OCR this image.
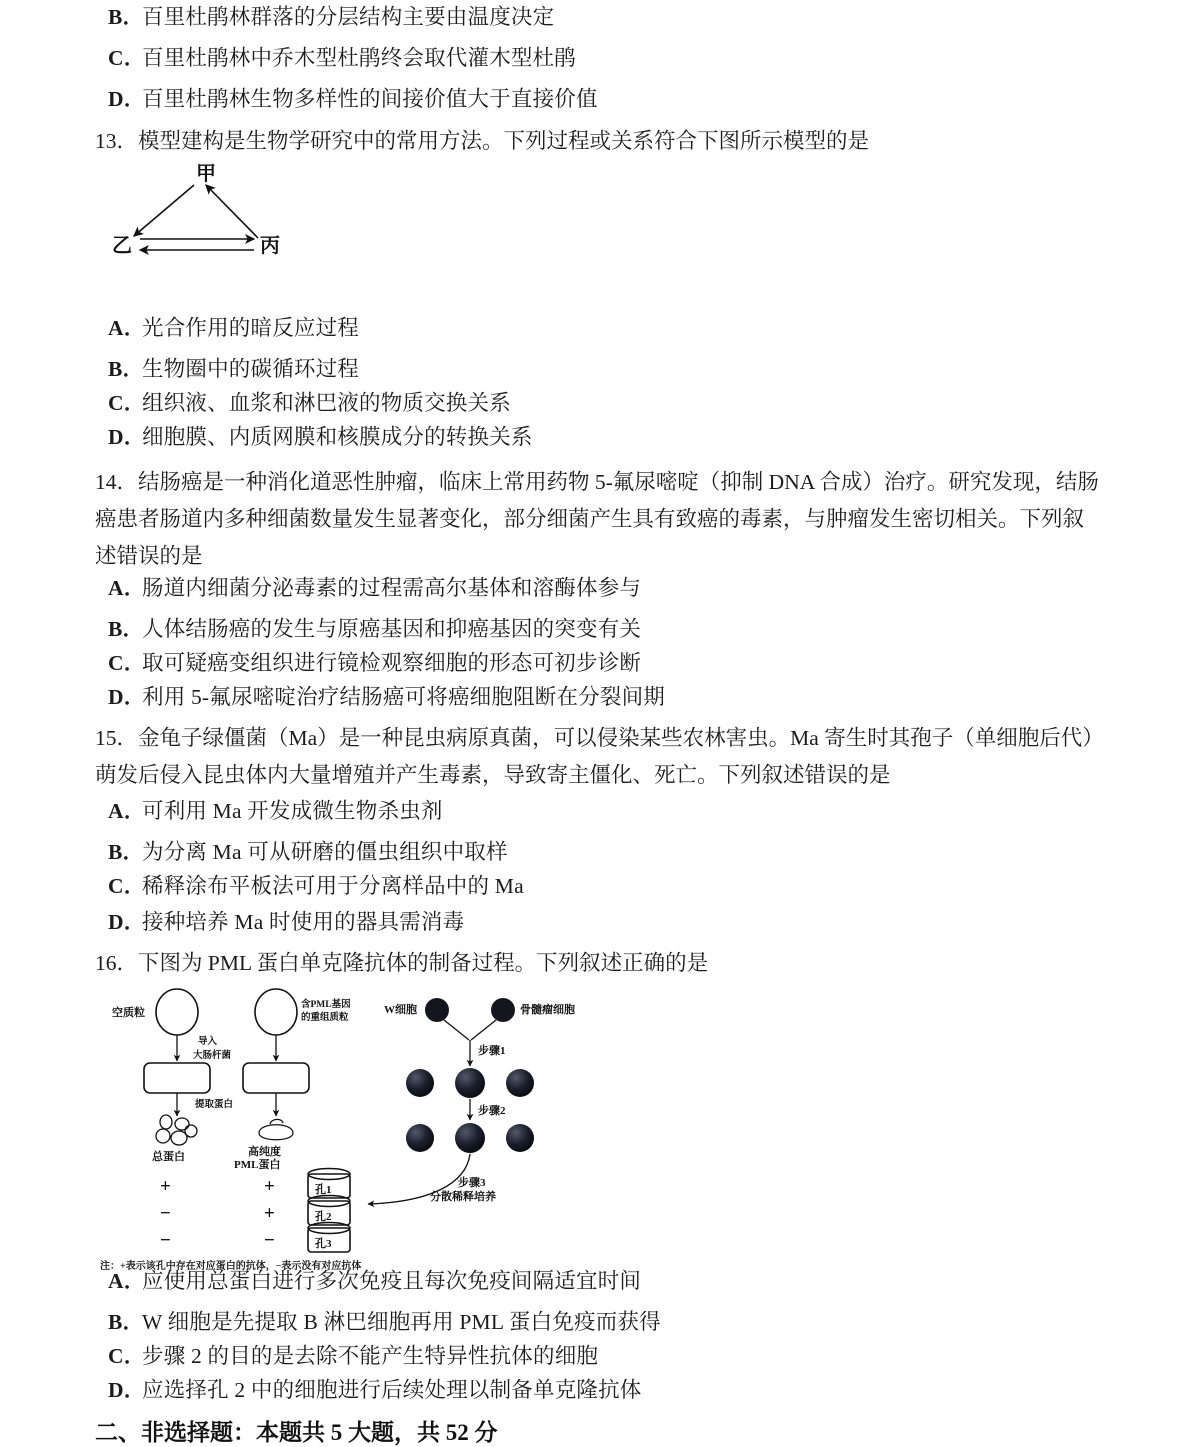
B．百里杜鹃林群落的分层结构主要由温度决定
C．百里杜鹃林中乔木型杜鹃终会取代灌木型杜鹃
D．百里杜鹃林生物多样性的间接价值大于直接价值
13．模型建构是生物学研究中的常用方法。下列过程或关系符合下图所示模型的是
甲
乙	丙
A．光合作用的暗反应过程
B．生物圈中的碳循环过程
C．组织液、血浆和淋巴液的物质交换关系
D．细胞膜、内质网膜和核膜成分的转换关系
14．结肠癌是一种消化道恶性肿瘤，临床上常用药物 5-氟尿嘧啶（抑制 DNA 合成）治疗。研究发现，结肠
癌患者肠道内多种细菌数量发生显著变化，部分细菌产生具有致癌的毒素，与肿瘤发生密切相关。下列叙
述错误的是
A．肠道内细菌分泌毒素的过程需高尔基体和溶酶体参与
B．人体结肠癌的发生与原癌基因和抑癌基因的突变有关
C．取可疑癌变组织进行镜检观察细胞的形态可初步诊断
D．利用 5-氟尿嘧啶治疗结肠癌可将癌细胞阻断在分裂间期
15．金龟子绿僵菌（Ma）是一种昆虫病原真菌，可以侵染某些农林害虫。Ma 寄生时其孢子（单细胞后代）
萌发后侵入昆虫体内大量增殖并产生毒素，导致寄主僵化、死亡。下列叙述错误的是
A．可利用 Ma 开发成微生物杀虫剂
B．为分离 Ma 可从研磨的僵虫组织中取样
C．稀释涂布平板法可用于分离样品中的 Ma
D．接种培养 Ma 时使用的器具需消毒
16．下图为 PML 蛋白单克隆抗体的制备过程。下列叙述正确的是
空质粒
含PML基因
的重组质粒
导入
大肠杆菌
提取蛋白
总蛋白	高纯度
PML蛋白
+	+
−	+
−	−
孔1
孔2
孔3
W细胞	骨髓瘤细胞
步骤1
步骤2
步骤3
分散稀释培养
注：+表示该孔中存在对应蛋白的抗体，−表示没有对应抗体
A．应使用总蛋白进行多次免疫且每次免疫间隔适宜时间
B．W 细胞是先提取 B 淋巴细胞再用 PML 蛋白免疫而获得
C．步骤 2 的目的是去除不能产生特异性抗体的细胞
D．应选择孔 2 中的细胞进行后续处理以制备单克隆抗体
二、非选择题：本题共 5 大题，共 52 分
